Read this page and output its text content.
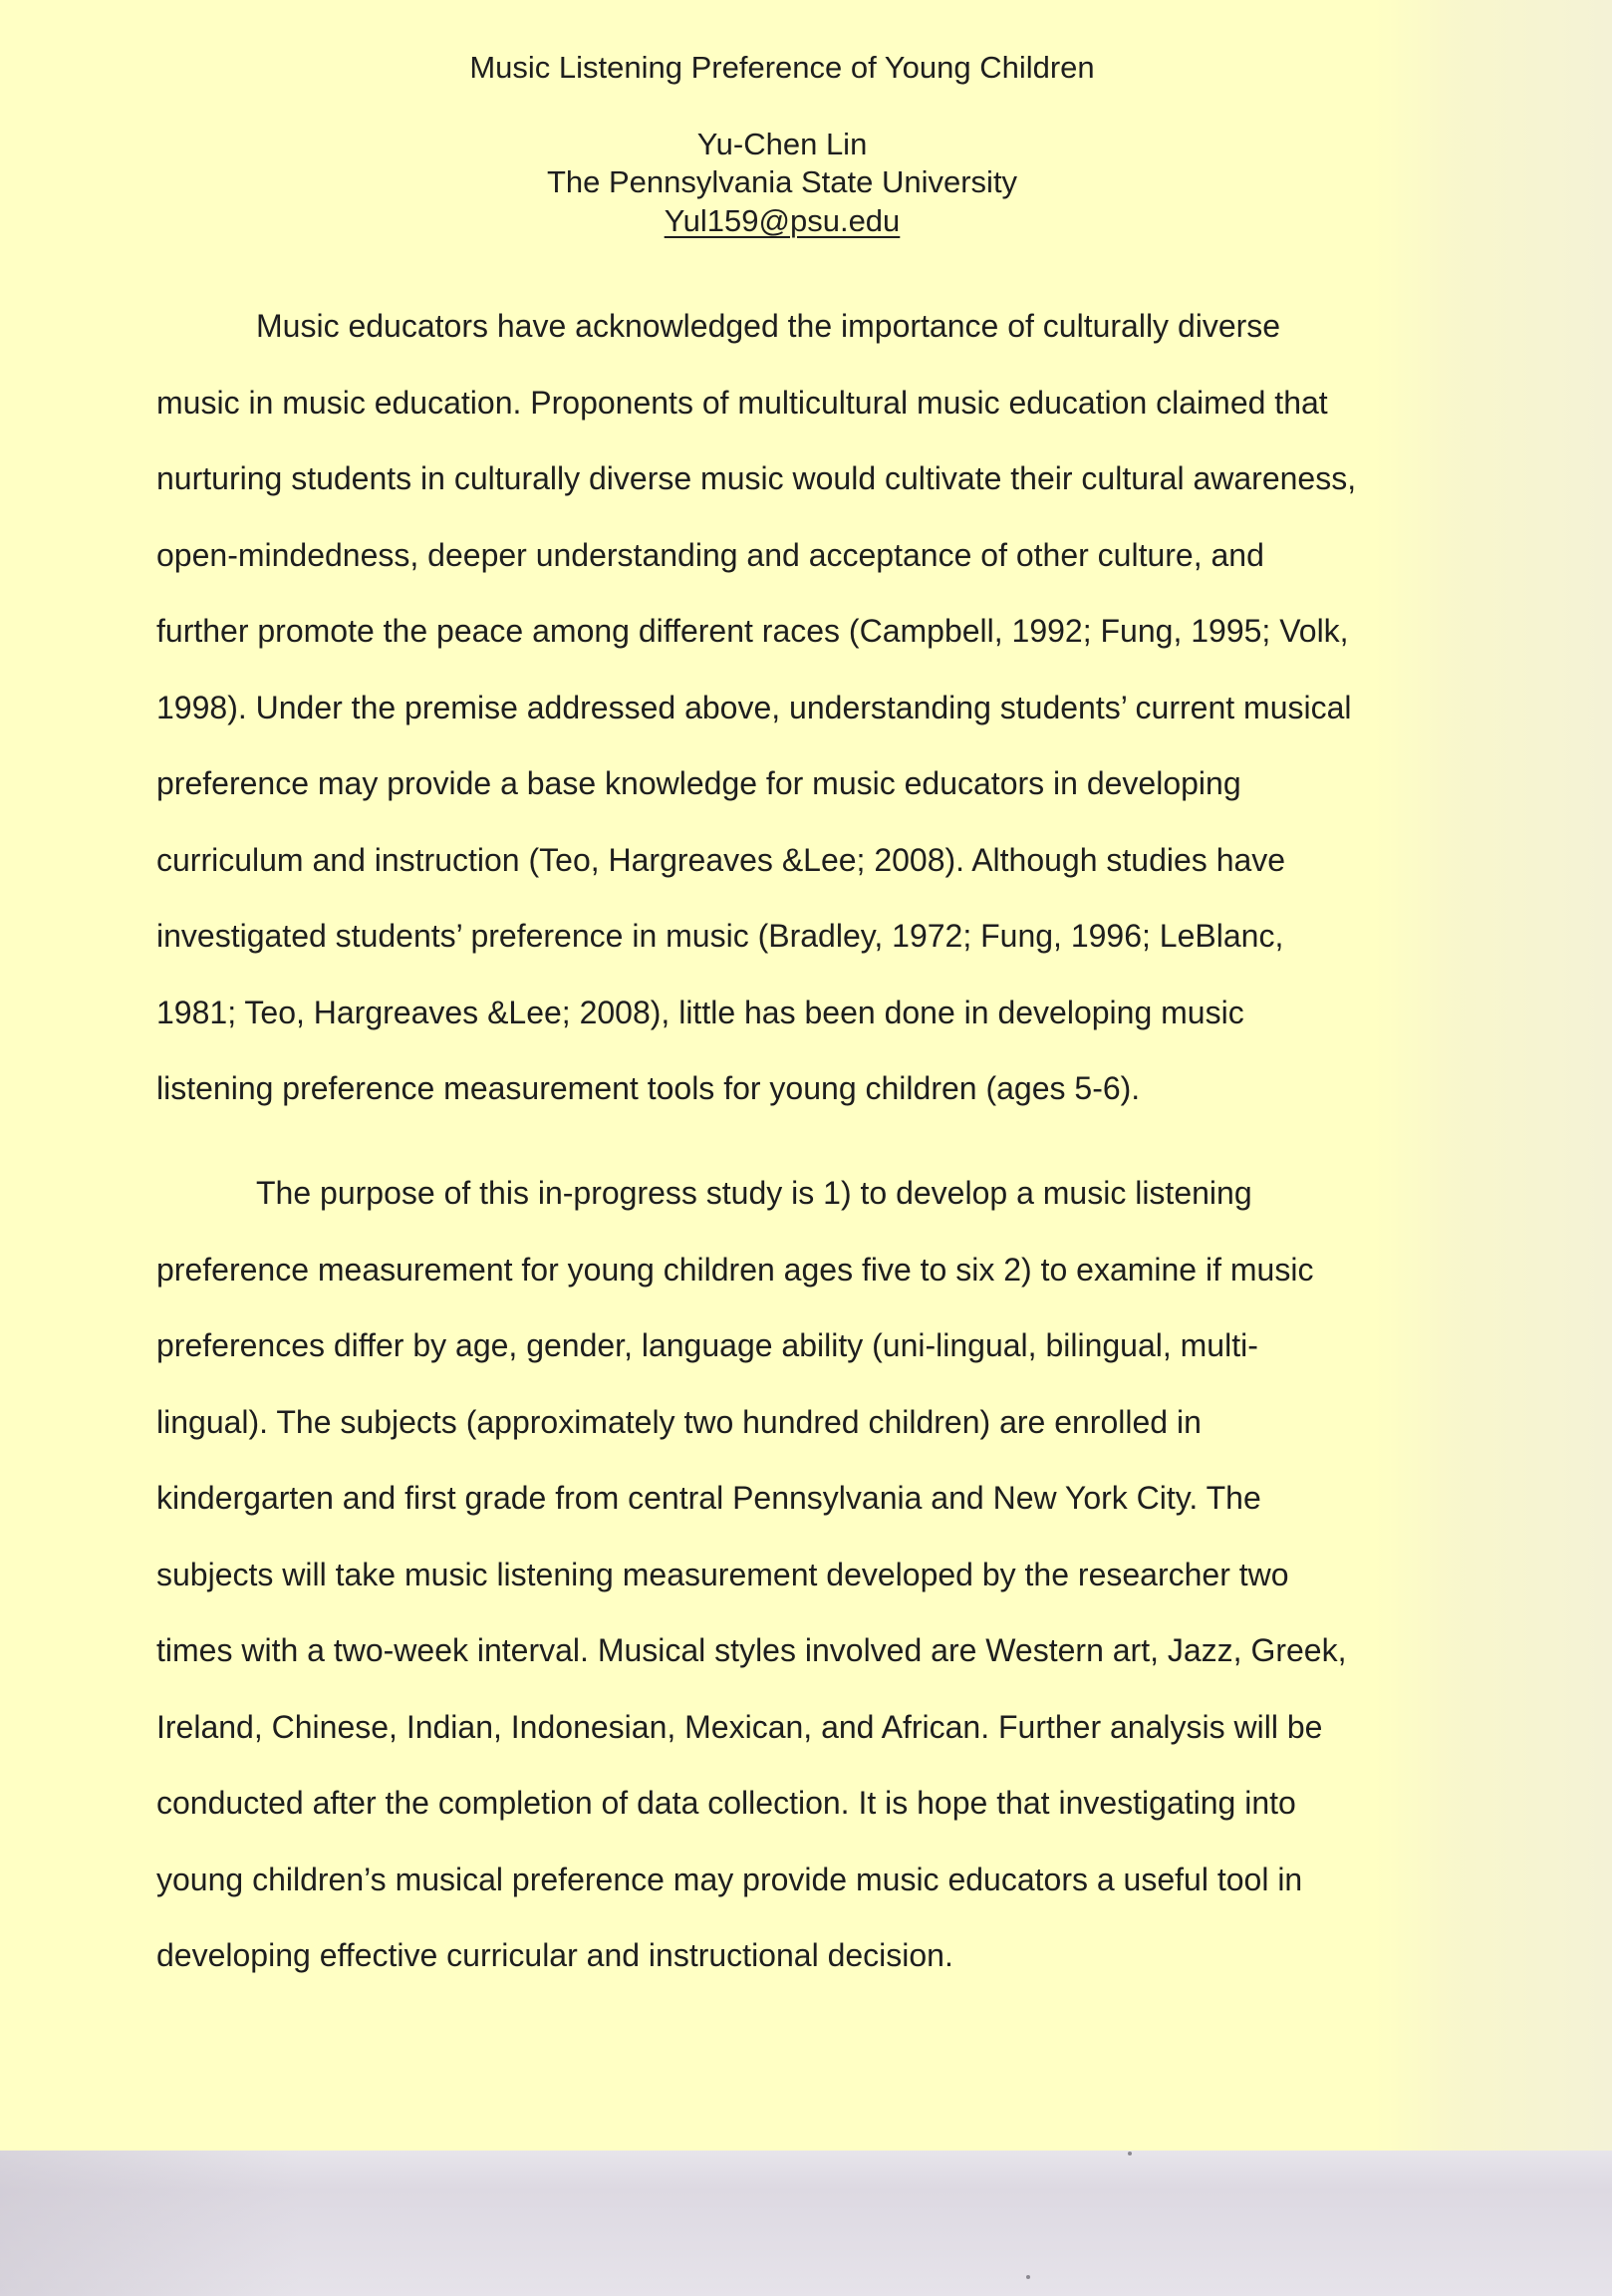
Music Listening Preference of Young Children
Yu-Chen Lin
The Pennsylvania State University
Yul159@psu.edu
Music educators have acknowledged the importance of culturally diverse
music in music education. Proponents of multicultural music education claimed that
nurturing students in culturally diverse music would cultivate their cultural awareness,
open-mindedness, deeper understanding and acceptance of other culture, and
further promote the peace among different races (Campbell, 1992; Fung, 1995; Volk,
1998). Under the premise addressed above, understanding students’ current musical
preference may provide a base knowledge for music educators in developing
curriculum and instruction (Teo, Hargreaves &Lee; 2008). Although studies have
investigated students’ preference in music (Bradley, 1972; Fung, 1996; LeBlanc,
1981; Teo, Hargreaves &Lee; 2008), little has been done in developing music
listening preference measurement tools for young children (ages 5-6).
The purpose of this in-progress study is 1) to develop a music listening
preference measurement for young children ages five to six 2) to examine if music
preferences differ by age, gender, language ability (uni-lingual, bilingual, multi-
lingual). The subjects (approximately two hundred children) are enrolled in
kindergarten and first grade from central Pennsylvania and New York City. The
subjects will take music listening measurement developed by the researcher two
times with a two-week interval. Musical styles involved are Western art, Jazz, Greek,
Ireland, Chinese, Indian, Indonesian, Mexican, and African. Further analysis will be
conducted after the completion of data collection. It is hope that investigating into
young children’s musical preference may provide music educators a useful tool in
developing effective curricular and instructional decision.
